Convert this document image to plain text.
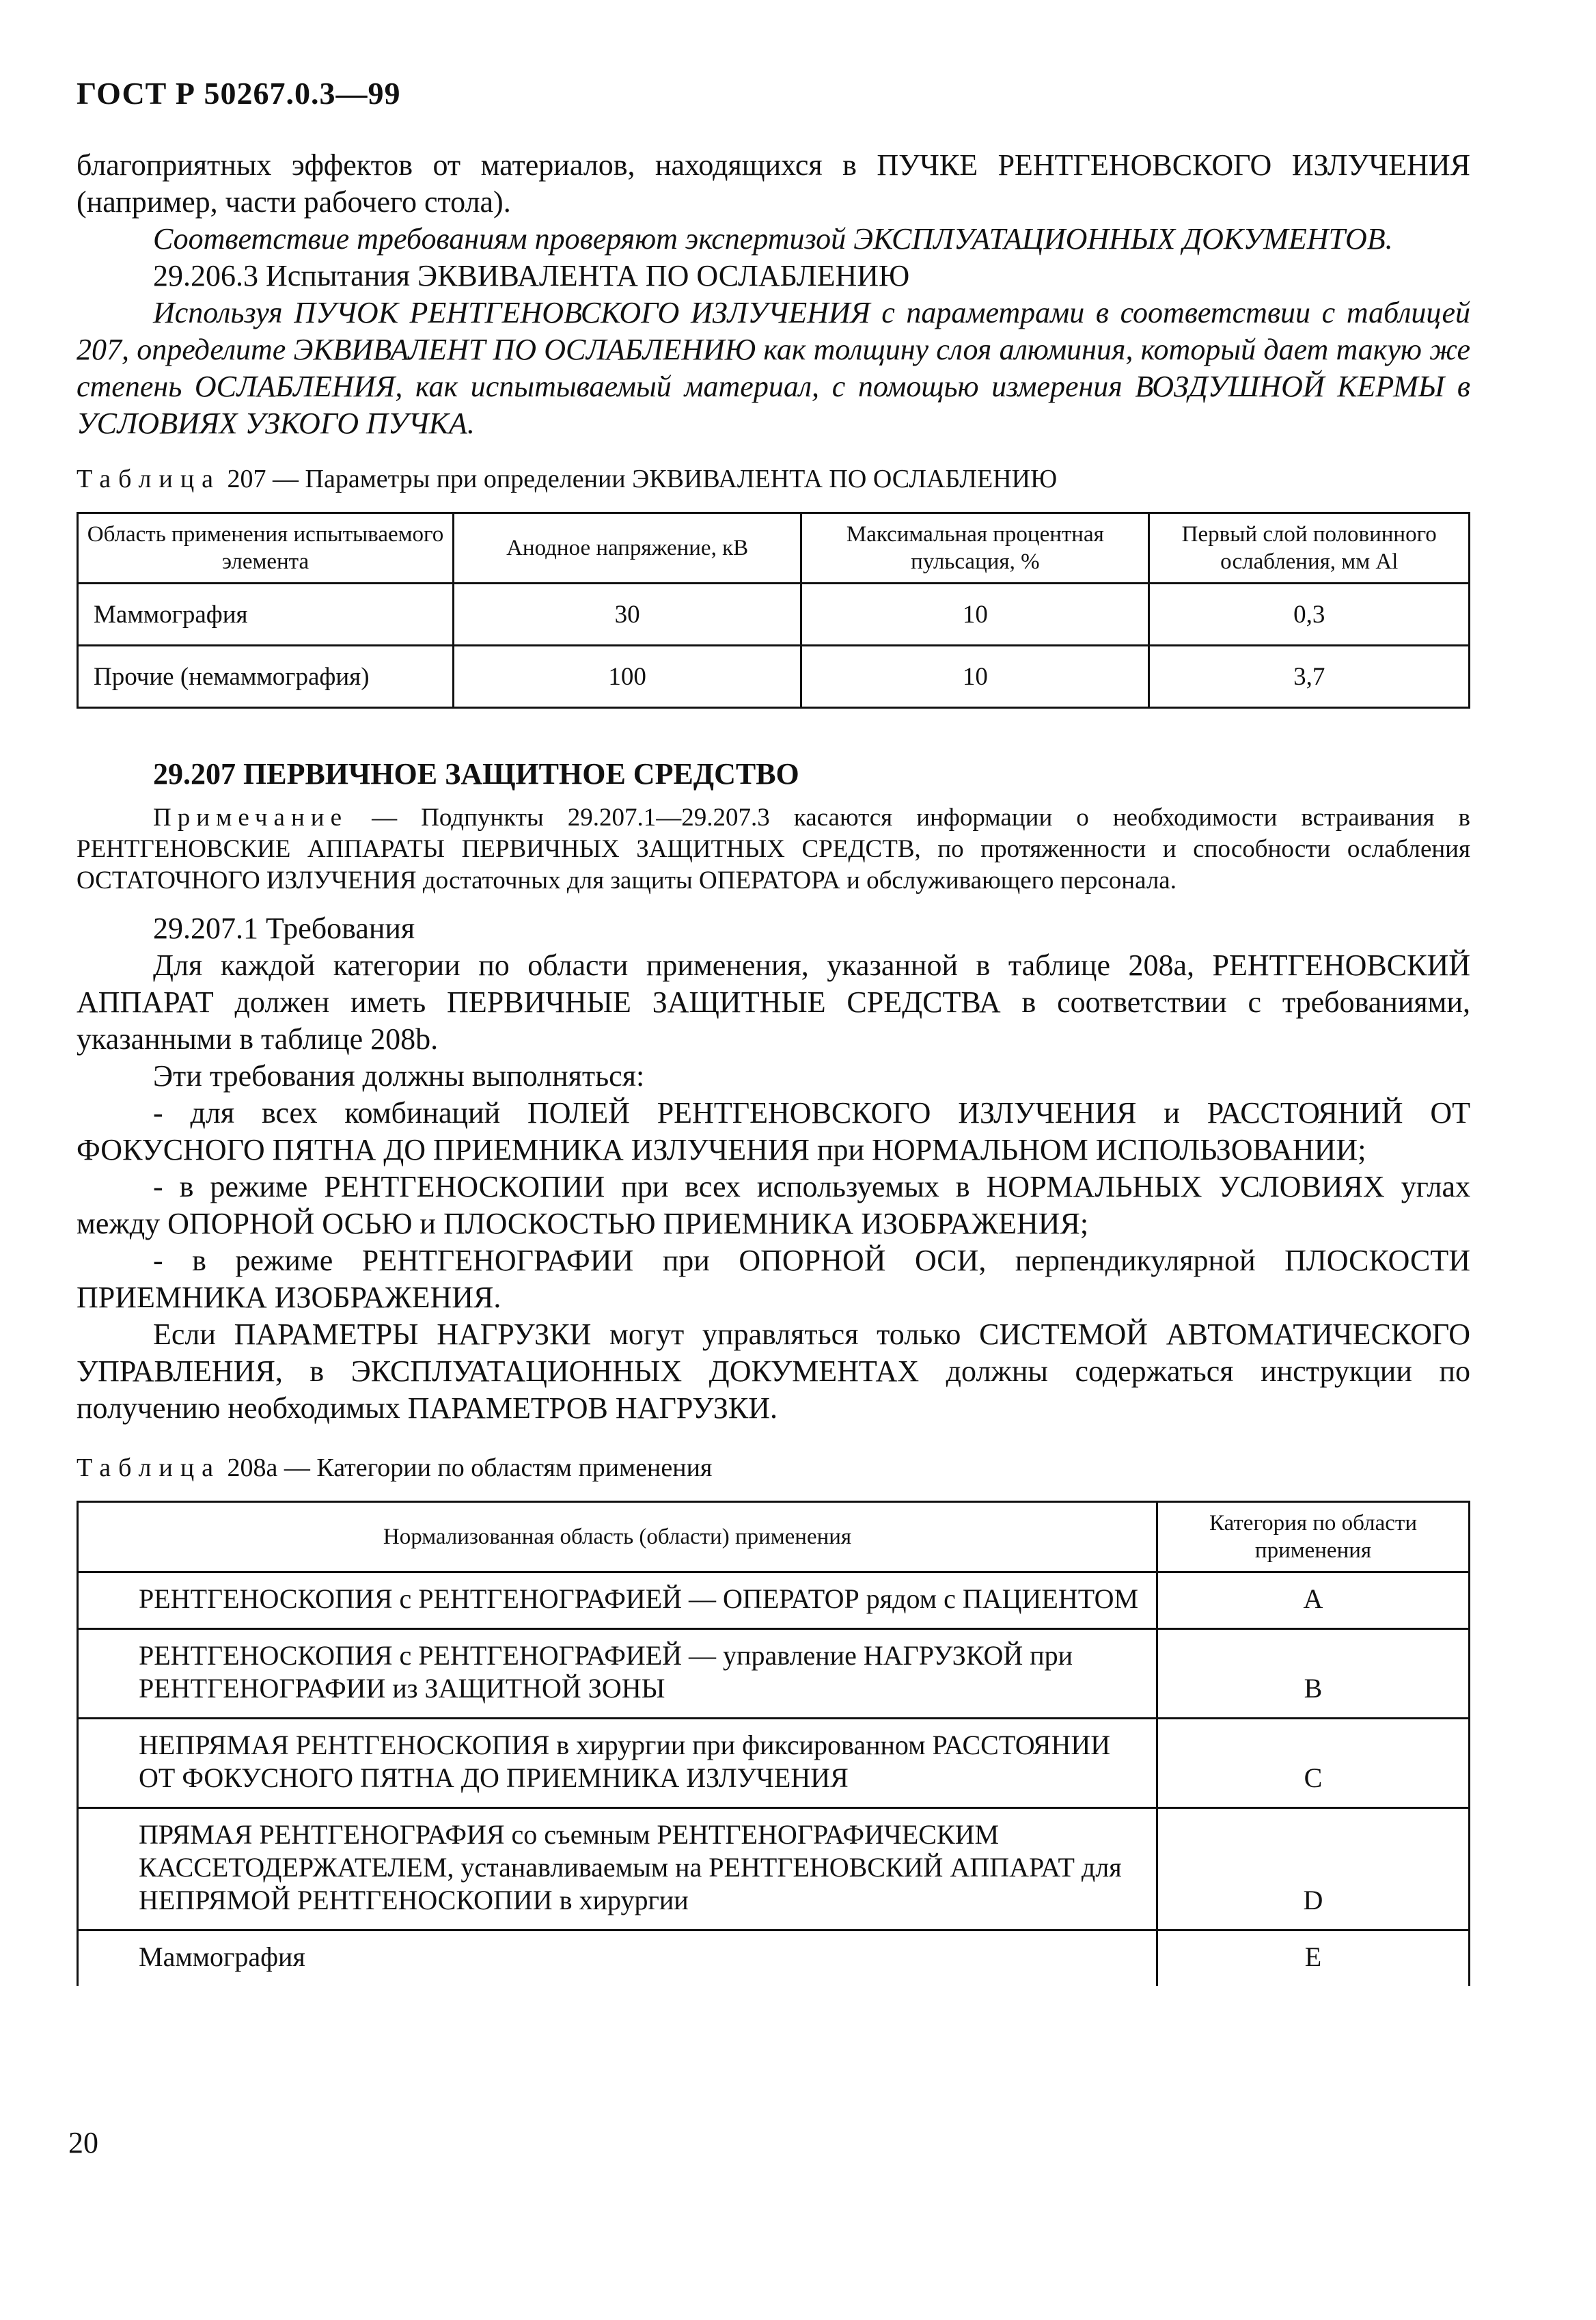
ГОСТ Р 50267.0.3—99

благоприятных эффектов от материалов, находящихся в ПУЧКЕ РЕНТГЕНОВСКОГО ИЗЛУЧЕНИЯ (например, части рабочего стола).

Соответствие требованиям проверяют экспертизой ЭКСПЛУАТАЦИОННЫХ ДОКУМЕНТОВ.

29.206.3 Испытания ЭКВИВАЛЕНТА ПО ОСЛАБЛЕНИЮ

Используя ПУЧОК РЕНТГЕНОВСКОГО ИЗЛУЧЕНИЯ с параметрами в соответствии с таблицей 207, определите ЭКВИВАЛЕНТ ПО ОСЛАБЛЕНИЮ как толщину слоя алюминия, который дает такую же степень ОСЛАБЛЕНИЯ, как испытываемый материал, с помощью измерения ВОЗДУШНОЙ КЕРМЫ в УСЛОВИЯХ УЗКОГО ПУЧКА.

Таблица 207 — Параметры при определении ЭКВИВАЛЕНТА ПО ОСЛАБЛЕНИЮ
Область применения испытываемого элемента	Анодное напряжение, кВ	Максимальная процентная пульсация, %	Первый слой половинного ослабления, мм Al
Маммография	30	10	0,3
Прочие (немаммография)	100	10	3,7
29.207 ПЕРВИЧНОЕ ЗАЩИТНОЕ СРЕДСТВО

Примечание — Подпункты 29.207.1—29.207.3 касаются информации о необходимости встраивания в РЕНТГЕНОВСКИЕ АППАРАТЫ ПЕРВИЧНЫХ ЗАЩИТНЫХ СРЕДСТВ, по протяженности и способности ослабления ОСТАТОЧНОГО ИЗЛУЧЕНИЯ достаточных для защиты ОПЕРАТОРА и обслуживающего персонала.

29.207.1 Требования

Для каждой категории по области применения, указанной в таблице 208а, РЕНТГЕНОВСКИЙ АППАРАТ должен иметь ПЕРВИЧНЫЕ ЗАЩИТНЫЕ СРЕДСТВА в соответствии с требованиями, указанными в таблице 208b.

Эти требования должны выполняться:

- для всех комбинаций ПОЛЕЙ РЕНТГЕНОВСКОГО ИЗЛУЧЕНИЯ и РАССТОЯНИЙ ОТ ФОКУСНОГО ПЯТНА ДО ПРИЕМНИКА ИЗЛУЧЕНИЯ при НОРМАЛЬНОМ ИСПОЛЬЗОВАНИИ;

- в режиме РЕНТГЕНОСКОПИИ при всех используемых в НОРМАЛЬНЫХ УСЛОВИЯХ углах между ОПОРНОЙ ОСЬЮ и ПЛОСКОСТЬЮ ПРИЕМНИКА ИЗОБРАЖЕНИЯ;

- в режиме РЕНТГЕНОГРАФИИ при ОПОРНОЙ ОСИ, перпендикулярной ПЛОСКОСТИ ПРИЕМНИКА ИЗОБРАЖЕНИЯ.

Если ПАРАМЕТРЫ НАГРУЗКИ могут управляться только СИСТЕМОЙ АВТОМАТИЧЕСКОГО УПРАВЛЕНИЯ, в ЭКСПЛУАТАЦИОННЫХ ДОКУМЕНТАХ должны содержаться инструкции по получению необходимых ПАРАМЕТРОВ НАГРУЗКИ.

Таблица 208а — Категории по областям применения
Нормализованная область (области) применения	Категория по области применения
РЕНТГЕНОСКОПИЯ с РЕНТГЕНОГРАФИЕЙ — ОПЕРАТОР рядом с ПАЦИЕНТОМ	A
РЕНТГЕНОСКОПИЯ с РЕНТГЕНОГРАФИЕЙ — управление НАГРУЗКОЙ при РЕНТГЕНОГРАФИИ из ЗАЩИТНОЙ ЗОНЫ	B
НЕПРЯМАЯ РЕНТГЕНОСКОПИЯ в хирургии при фиксированном РАССТОЯНИИ ОТ ФОКУСНОГО ПЯТНА ДО ПРИЕМНИКА ИЗЛУЧЕНИЯ	C
ПРЯМАЯ РЕНТГЕНОГРАФИЯ со съемным РЕНТГЕНОГРАФИЧЕСКИМ КАССЕТОДЕРЖАТЕЛЕМ, устанавливаемым на РЕНТГЕНОВСКИЙ АППАРАТ для НЕПРЯМОЙ РЕНТГЕНОСКОПИИ в хирургии	D
Маммография	E
20
